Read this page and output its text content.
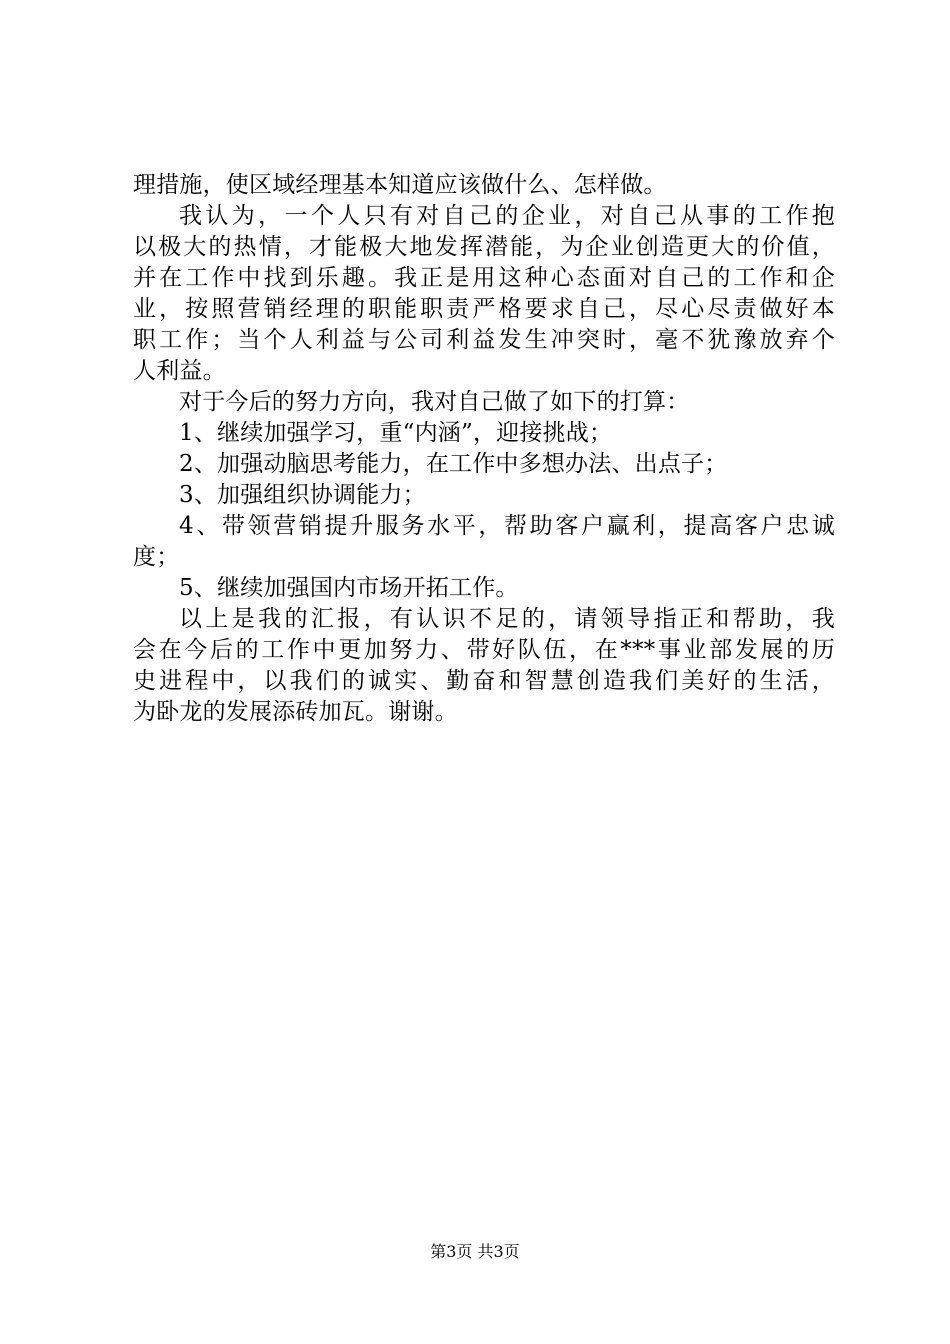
理措施，使区域经理基本知道应该做什么、怎样做。
我认为，一个人只有对自己的企业，对自己从事的工作抱
以极大的热情，才能极大地发挥潜能，为企业创造更大的价值，
并在工作中找到乐趣。我正是用这种心态面对自己的工作和企
业，按照营销经理的职能职责严格要求自己，尽心尽责做好本
职工作；当个人利益与公司利益发生冲突时，毫不犹豫放弃个
人利益。
对于今后的努力方向，我对自己做了如下的打算：
1、继续加强学习，重“内涵”，迎接挑战；
2、加强动脑思考能力，在工作中多想办法、出点子；
3、加强组织协调能力；
4、带领营销提升服务水平，帮助客户赢利，提高客户忠诚
度；
5、继续加强国内市场开拓工作。
以上是我的汇报，有认识不足的，请领导指正和帮助，我
会在今后的工作中更加努力、带好队伍，在***事业部发展的历
史进程中，以我们的诚实、勤奋和智慧创造我们美好的生活，
为卧龙的发展添砖加瓦。谢谢。
第3页 共3页
